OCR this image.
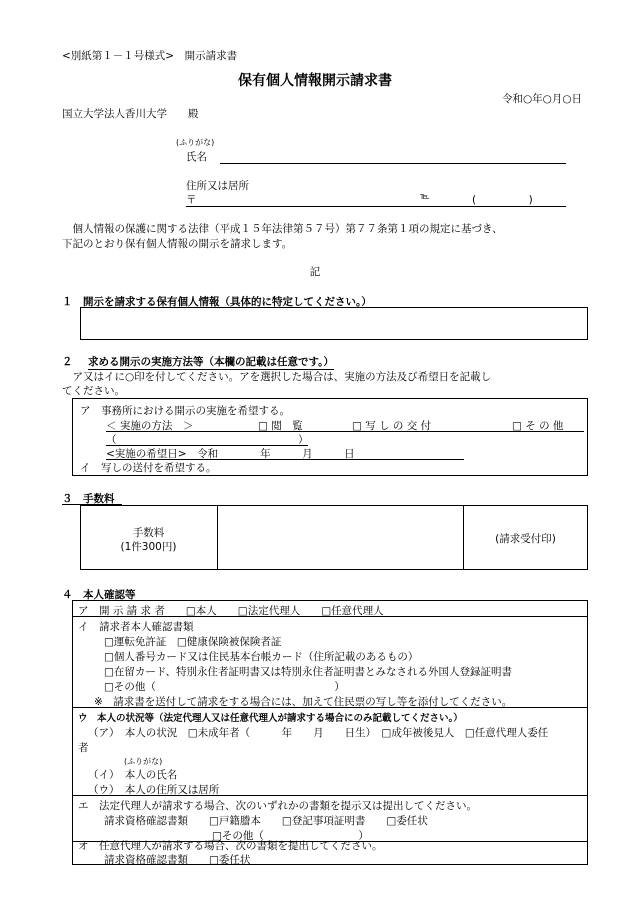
<別紙第１－１号様式>　開示請求書
保有個人情報開示請求書
令和○年○月○日
国立大学法人香川大学　　殿
(ふりがな)
氏名
住所又は居所
〒	℡	(　　　　　)
　個人情報の保護に関する法律（平成１５年法律第５７号）第７７条第１項の規定に基づき、
下記のとおり保有個人情報の開示を請求します。
記
１　開示を請求する保有個人情報（具体的に特定してください。）
２ 求める開示の実施方法等（本欄の記載は任意です。）
　ア又はイに○印を付してください。アを選択した場合は、実施の方法及び希望日を記載し
てください。
ア　事務所における開示の実施を希望する。
＜ 実施の方法　＞	□ 閲　覧	□ 写 し の 交 付	□ そ の 他
（	）
<実施の希望日>　令和　　　　年　　　月　　　日
イ　写しの送付を希望する。
３　手数料
手数料
(1件300円)
(請求受付印)
４　本人確認等
ア　開 示 請 求 者　　□本人　　□法定代理人　　□任意代理人
イ　請求者本人確認書類
□運転免許証　□健康保険被保険者証
□個人番号カード又は住民基本台帳カード（住所記載のあるもの）
□在留カード、特別永住者証明書又は特別永住者証明書とみなされる外国人登録証明書
□その他（　　　　　　　　　　　　　　　　　）
※　請求書を送付して請求をする場合には、加えて住民票の写し等を添付してください。
ウ　本人の状況等（法定代理人又は任意代理人が請求する場合にのみ記載してください。）
（ア）　本人の状況　□未成年者（　　　年　　月　　日生）　□成年被後見人　□任意代理人委任
者
(ふりがな)
（イ）　本人の氏名
（ウ）　本人の住所又は居所
エ　法定代理人が請求する場合、次のいずれかの書類を提示又は提出してください。
請求資格確認書類　　□戸籍謄本　　□登記事項証明書　　□委任状
□その他（　　　　　　　　　）
オ　任意代理人が請求する場合、次の書類を提出してください。
請求資格確認書類　　□委任状
